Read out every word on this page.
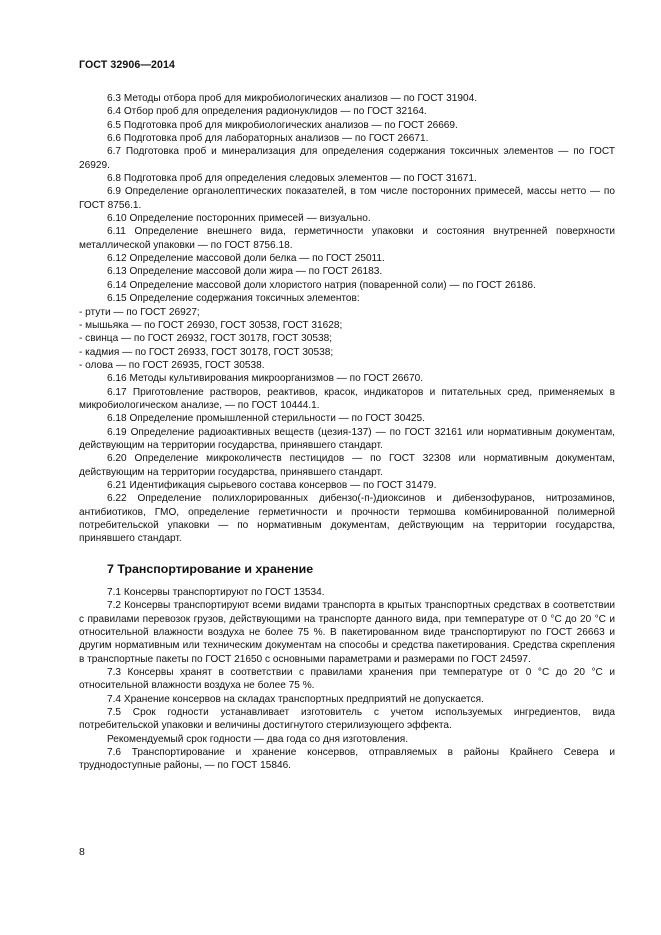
ГОСТ 32906—2014

6.3 Методы отбора проб для микробиологических анализов — по ГОСТ 31904.

6.4 Отбор проб для определения радионуклидов — по ГОСТ 32164.

6.5 Подготовка проб для микробиологических анализов — по ГОСТ 26669.

6.6 Подготовка проб для лабораторных анализов — по ГОСТ 26671.

6.7 Подготовка проб и минерализация для определения содержания токсичных элементов — по ГОСТ 26929.

6.8 Подготовка проб для определения следовых элементов — по ГОСТ 31671.

6.9 Определение органолептических показателей, в том числе посторонних примесей, массы нетто — по ГОСТ 8756.1.

6.10 Определение посторонних примесей — визуально.

6.11 Определение внешнего вида, герметичности упаковки и состояния внутренней поверхности металлической упаковки — по ГОСТ 8756.18.

6.12 Определение массовой доли белка — по ГОСТ 25011.

6.13 Определение массовой доли жира — по ГОСТ 26183.

6.14 Определение массовой доли хлористого натрия (поваренной соли) — по ГОСТ 26186.

6.15 Определение содержания токсичных элементов:

- ртути — по ГОСТ 26927;

- мышьяка — по ГОСТ 26930, ГОСТ 30538, ГОСТ 31628;

- свинца — по ГОСТ 26932, ГОСТ 30178, ГОСТ 30538;

- кадмия — по ГОСТ 26933, ГОСТ 30178, ГОСТ 30538;

- олова — по ГОСТ 26935, ГОСТ 30538.

6.16 Методы культивирования микроорганизмов — по ГОСТ 26670.

6.17 Приготовление растворов, реактивов, красок, индикаторов и питательных сред, применяемых в микробиологическом анализе, — по ГОСТ 10444.1.

6.18 Определение промышленной стерильности — по ГОСТ 30425.

6.19 Определение радиоактивных веществ (цезия-137) — по ГОСТ 32161 или нормативным документам, действующим на территории государства, принявшего стандарт.

6.20 Определение микроколичеств пестицидов — по ГОСТ 32308 или нормативным документам, действующим на территории государства, принявшего стандарт.

6.21 Идентификация сырьевого состава консервов — по ГОСТ 31479.

6.22 Определение полихлорированных дибензо(-п-)диоксинов и дибензофуранов, нитрозаминов, антибиотиков, ГМО, определение герметичности и прочности термошва комбинированной полимерной потребительской упаковки — по нормативным документам, действующим на территории государства, принявшего стандарт.

7 Транспортирование и хранение

7.1 Консервы транспортируют по ГОСТ 13534.

7.2 Консервы транспортируют всеми видами транспорта в крытых транспортных средствах в соответствии с правилами перевозок грузов, действующими на транспорте данного вида, при температуре от 0 °С до 20 °С и относительной влажности воздуха не более 75 %. В пакетированном виде транспортируют по ГОСТ 26663 и другим нормативным или техническим документам на способы и средства пакетирования. Средства скрепления в транспортные пакеты по ГОСТ 21650 с основными параметрами и размерами по ГОСТ 24597.

7.3 Консервы хранят в соответствии с правилами хранения при температуре от 0 °С до 20 °С и относительной влажности воздуха не более 75 %.

7.4 Хранение консервов на складах транспортных предприятий не допускается.

7.5 Срок годности устанавливает изготовитель с учетом используемых ингредиентов, вида потребительской упаковки и величины достигнутого стерилизующего эффекта.

Рекомендуемый срок годности — два года со дня изготовления.

7.6 Транспортирование и хранение консервов, отправляемых в районы Крайнего Севера и труднодоступные районы, — по ГОСТ 15846.

8
